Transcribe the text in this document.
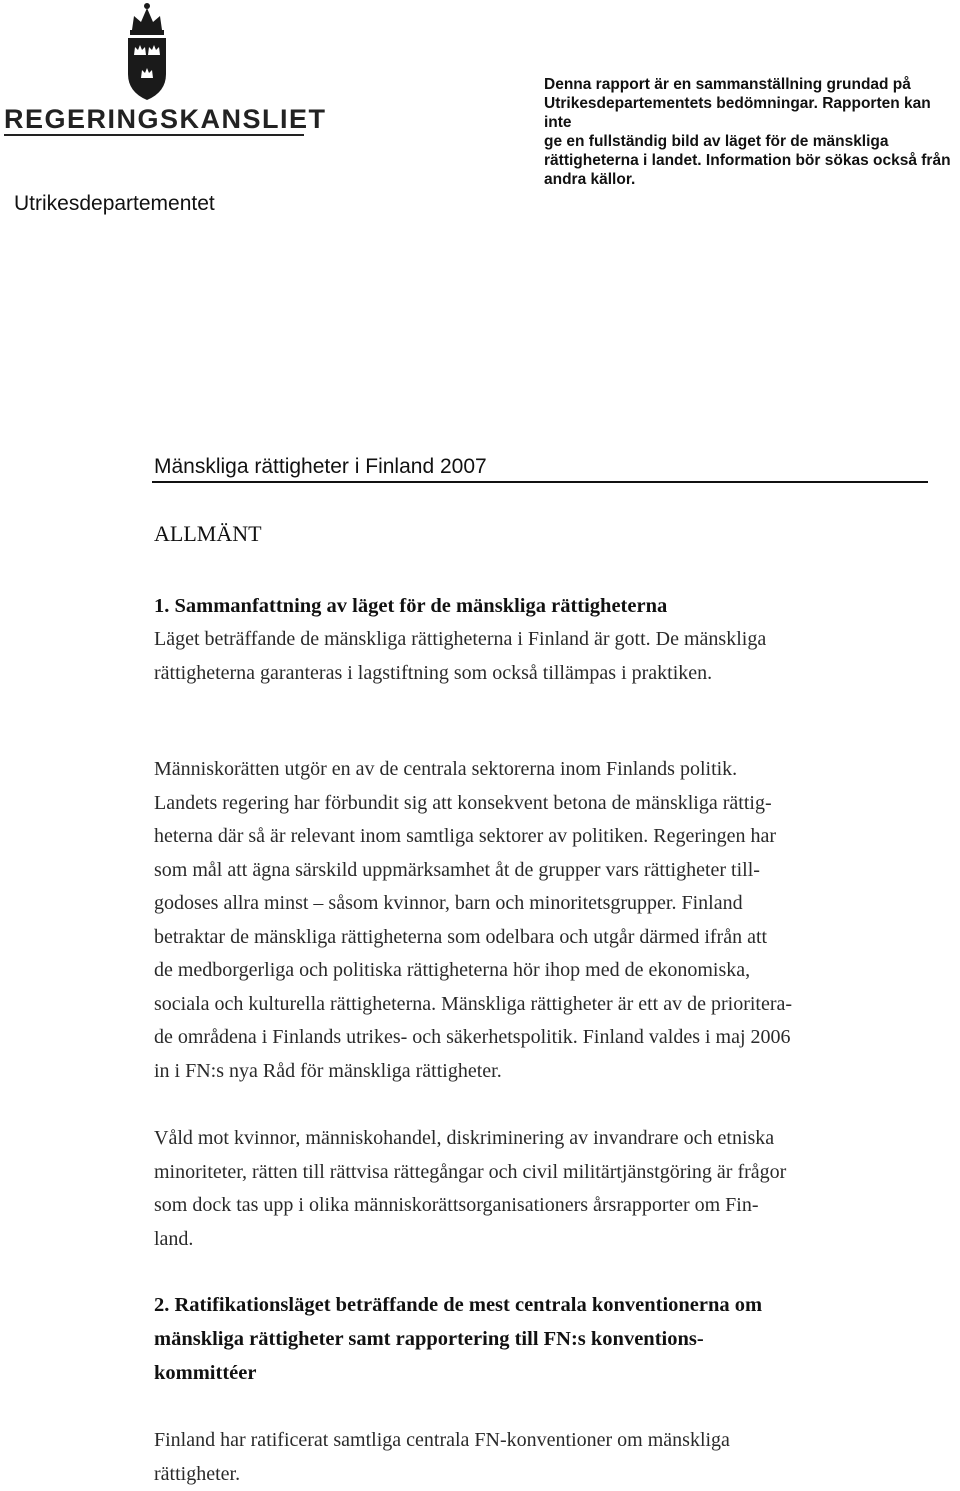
REGERINGSKANSLIET
Utrikesdepartementet

Denna rapport är en sammanställning grundad på

Utrikesdepartementets bedömningar. Rapporten kan inte

ge en fullständig bild av läget för de mänskliga

rättigheterna i landet. Information bör sökas också från

andra källor.

Mänskliga rättigheter i Finland 2007
ALLMÄNT
1. Sammanfattning av läget för de mänskliga rättigheterna
Läget beträffande de mänskliga rättigheterna i Finland är gott. De mänskliga
rättigheterna garanteras i lagstiftning som också tillämpas i praktiken.
Människorätten utgör en av de centrala sektorerna inom Finlands politik.
Landets regering har förbundit sig att konsekvent betona de mänskliga rättig-
heterna där så är relevant inom samtliga sektorer av politiken. Regeringen har
som mål att ägna särskild uppmärksamhet åt de grupper vars rättigheter till-
godoses allra minst – såsom kvinnor, barn och minoritetsgrupper. Finland
betraktar de mänskliga rättigheterna som odelbara och utgår därmed ifrån att
de medborgerliga och politiska rättigheterna hör ihop med de ekonomiska,
sociala och kulturella rättigheterna. Mänskliga rättigheter är ett av de prioritera-
de områdena i Finlands utrikes- och säkerhetspolitik. Finland valdes i maj 2006
in i FN:s nya Råd för mänskliga rättigheter.
Våld mot kvinnor, människohandel, diskriminering av invandrare och etniska
minoriteter, rätten till rättvisa rättegångar och civil militärtjänstgöring är frågor
som dock tas upp i olika människorättsorganisationers årsrapporter om Fin-
land.
2. Ratifikationsläget beträffande de mest centrala konventionerna om
mänskliga rättigheter samt rapportering till FN:s konventions-
kommittéer
Finland har ratificerat samtliga centrala FN-konventioner om mänskliga
rättigheter.
